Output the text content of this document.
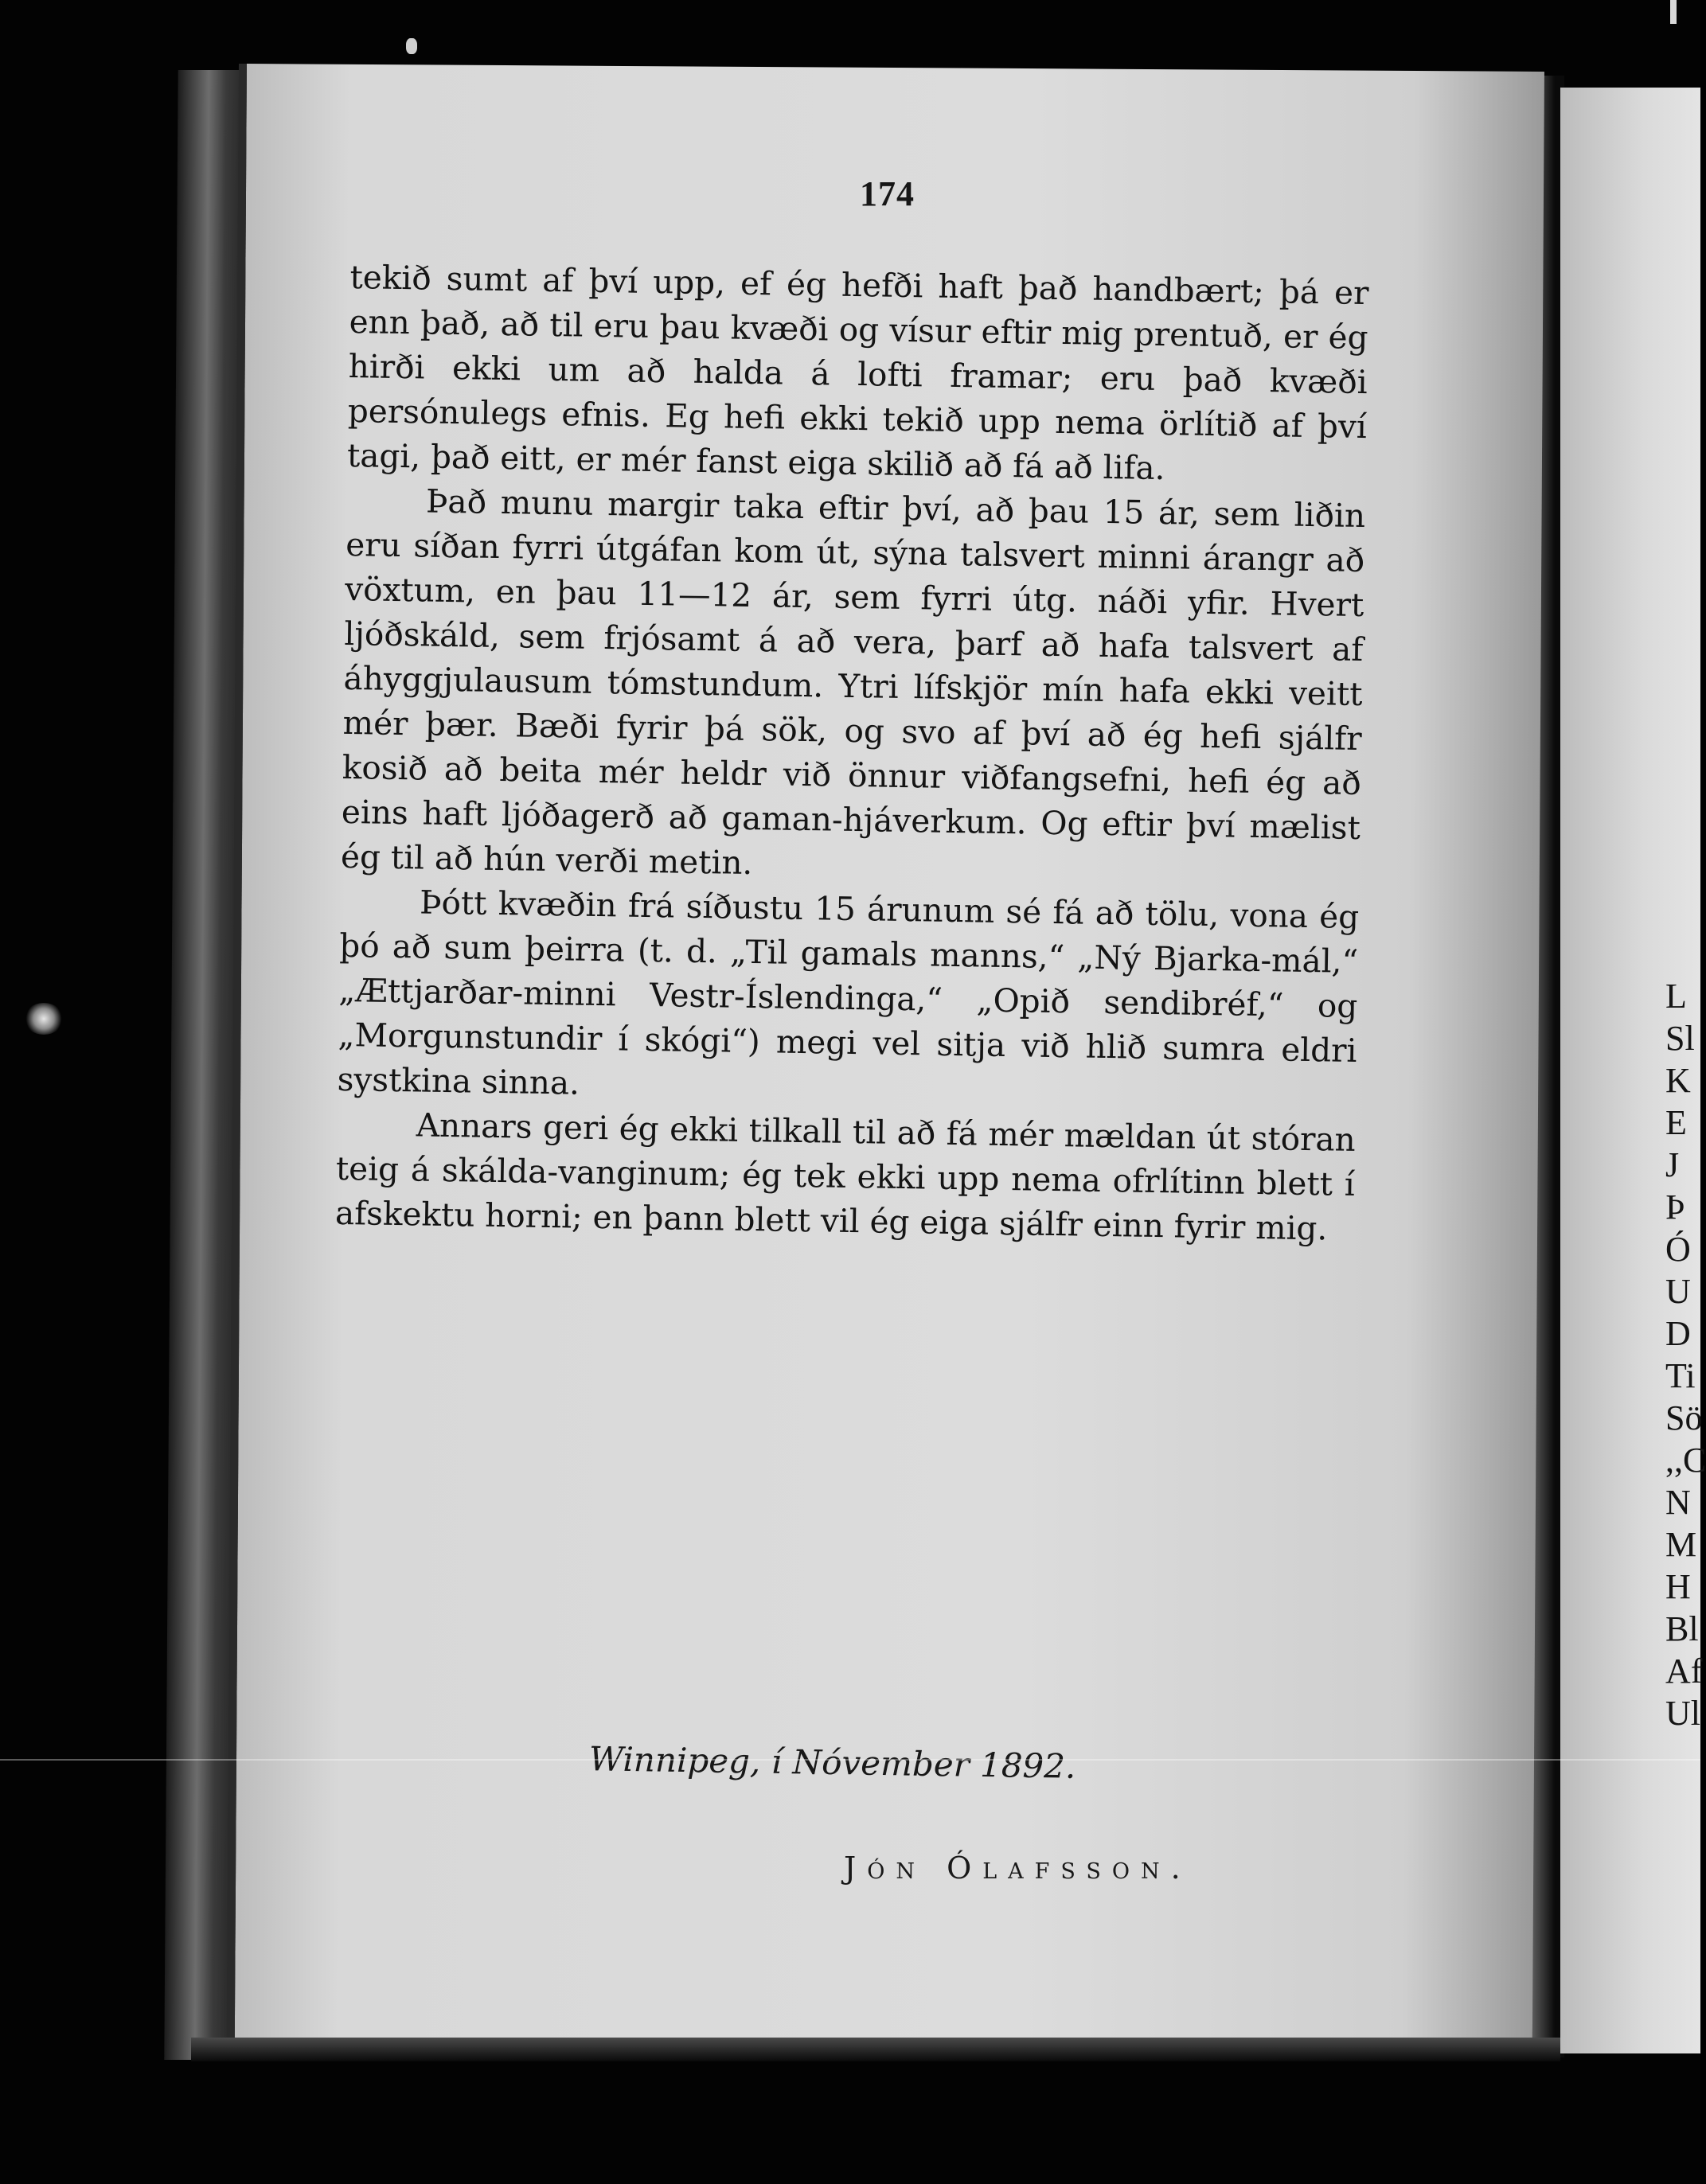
L
Sl
K
E
J
Þ
Ó
U
D
Ti
Sö
,,C
N
M
H
Bl
Af
Ul
174

tekið sumt af því upp, ef ég hefði haft það handbært; þá er enn það, að til eru þau kvæði og vísur eftir mig prentuð, er ég hirði ekki um að halda á lofti framar; eru það kvæði persónulegs efnis. Eg hefi ekki tekið upp nema örlítið af því tagi, það eitt, er mér fanst eiga skilið að fá að lifa.

Það munu margir taka eftir því, að þau 15 ár, sem liðin eru síðan fyrri útgáfan kom út, sýna talsvert minni árangr að vöxtum, en þau 11—12 ár, sem fyrri útg. náði yfir. Hvert ljóðskáld, sem frjósamt á að vera, þarf að hafa talsvert af áhyggjulausum tómstundum. Ytri lífskjör mín hafa ekki veitt mér þær. Bæði fyrir þá sök, og svo af því að ég hefi sjálfr kosið að beita mér heldr við önnur viðfangsefni, hefi ég að eins haft ljóðagerð að gaman-hjáverkum. Og eftir því mælist ég til að hún verði metin.

Þótt kvæðin frá síðustu 15 árunum sé fá að tölu, vona ég þó að sum þeirra (t. d. „Til gamals manns,“ „Ný Bjarka-mál,“ „Ættjarðar-minni Vestr-Íslendinga,“ „Opið sendibréf,“ og „Morgunstundir í skógi“) megi vel sitja við hlið sumra eldri systkina sinna.

Annars geri ég ekki tilkall til að fá mér mældan út stóran teig á skálda-vanginum; ég tek ekki upp nema ofrlítinn blett í afskektu horni; en þann blett vil ég eiga sjálfr einn fyrir mig.

Winnipeg, í Nóvember 1892.
Jón Ólafsson.
